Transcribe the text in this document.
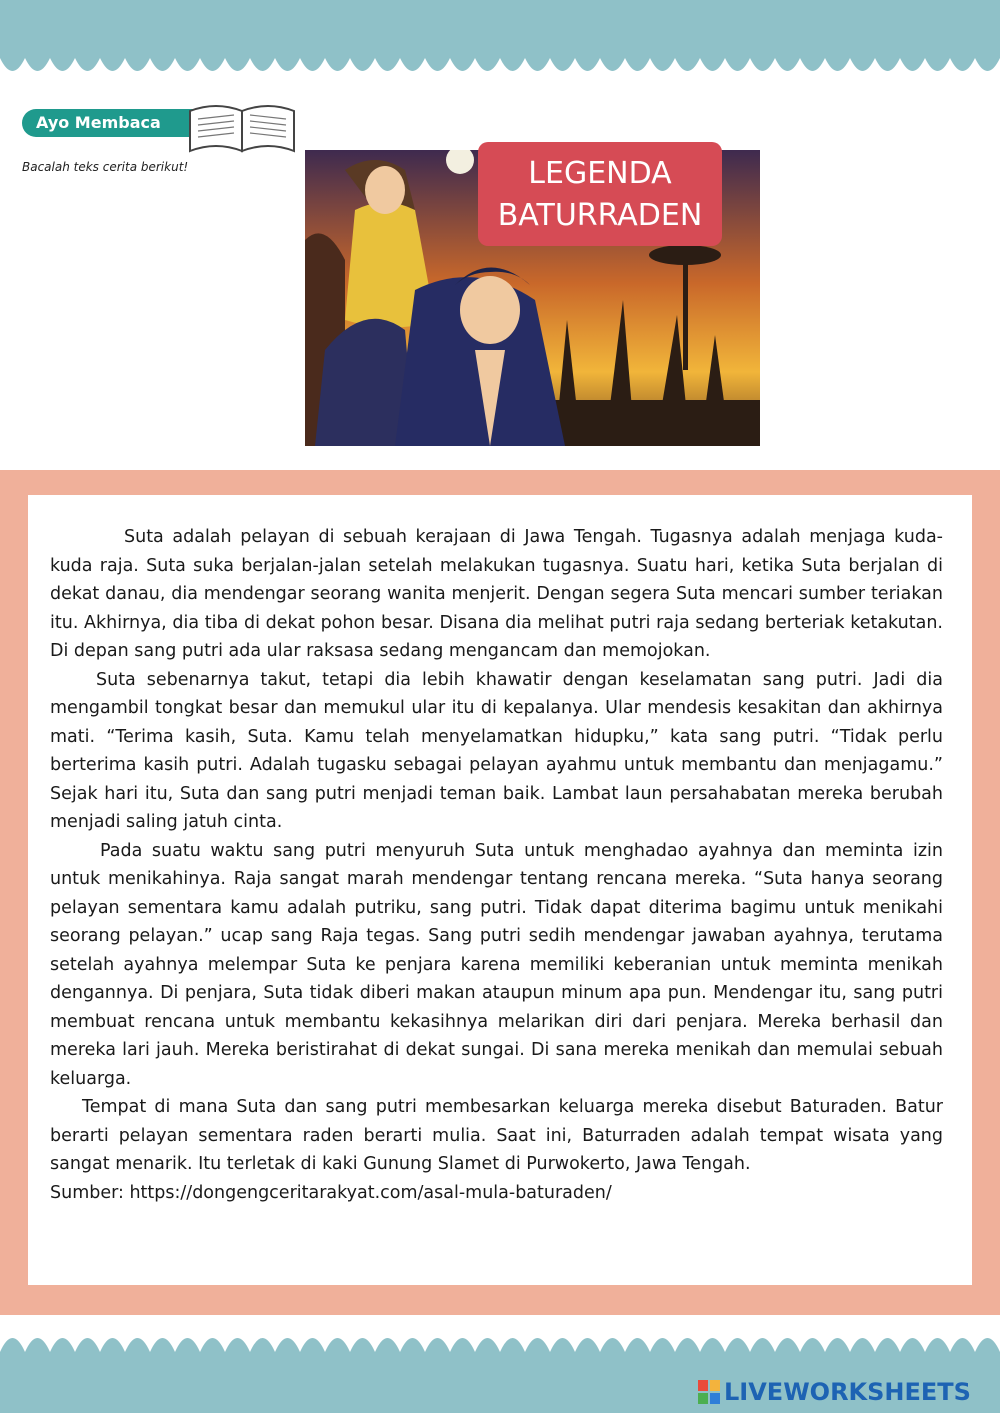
Ayo Membaca
Bacalah teks cerita berikut!	LEGENDA
BATURRADEN

Suta adalah pelayan di sebuah kerajaan di Jawa Tengah. Tugasnya adalah menjaga kuda-kuda raja. Suta suka berjalan-jalan setelah melakukan tugasnya. Suatu hari, ketika Suta berjalan di dekat danau, dia mendengar seorang wanita menjerit. Dengan segera Suta mencari sumber teriakan itu. Akhirnya, dia tiba di dekat pohon besar. Disana dia melihat putri raja sedang berteriak ketakutan. Di depan sang putri ada ular raksasa sedang mengancam dan memojokan.

Suta sebenarnya takut, tetapi dia lebih khawatir dengan keselamatan sang putri. Jadi dia mengambil tongkat besar dan memukul ular itu di kepalanya. Ular mendesis kesakitan dan akhirnya mati. “Terima kasih, Suta. Kamu telah menyelamatkan hidupku,” kata sang putri. “Tidak perlu berterima kasih putri. Adalah tugasku sebagai pelayan ayahmu untuk membantu dan menjagamu.” Sejak hari itu, Suta dan sang putri menjadi teman baik. Lambat laun persahabatan mereka berubah menjadi saling jatuh cinta.

Pada suatu waktu sang putri menyuruh Suta untuk menghadao ayahnya dan meminta izin untuk menikahinya. Raja sangat marah mendengar tentang rencana mereka. “Suta hanya seorang pelayan sementara kamu adalah putriku, sang putri. Tidak dapat diterima bagimu untuk menikahi seorang pelayan.” ucap sang Raja tegas. Sang putri sedih mendengar jawaban ayahnya, terutama setelah ayahnya melempar Suta ke penjara karena memiliki keberanian untuk meminta menikah dengannya. Di penjara, Suta tidak diberi makan ataupun minum apa pun. Mendengar itu, sang putri membuat rencana untuk membantu kekasihnya melarikan diri dari penjara. Mereka berhasil dan mereka lari jauh. Mereka beristirahat di dekat sungai. Di sana mereka menikah dan memulai sebuah keluarga.

Tempat di mana Suta dan sang putri membesarkan keluarga mereka disebut Baturaden. Batur berarti pelayan sementara raden berarti mulia. Saat ini, Baturraden adalah tempat wisata yang sangat menarik. Itu terletak di kaki Gunung Slamet di Purwokerto, Jawa Tengah.

Sumber: https://dongengceritarakyat.com/asal-mula-baturaden/

LIVEWORKSHEETS
